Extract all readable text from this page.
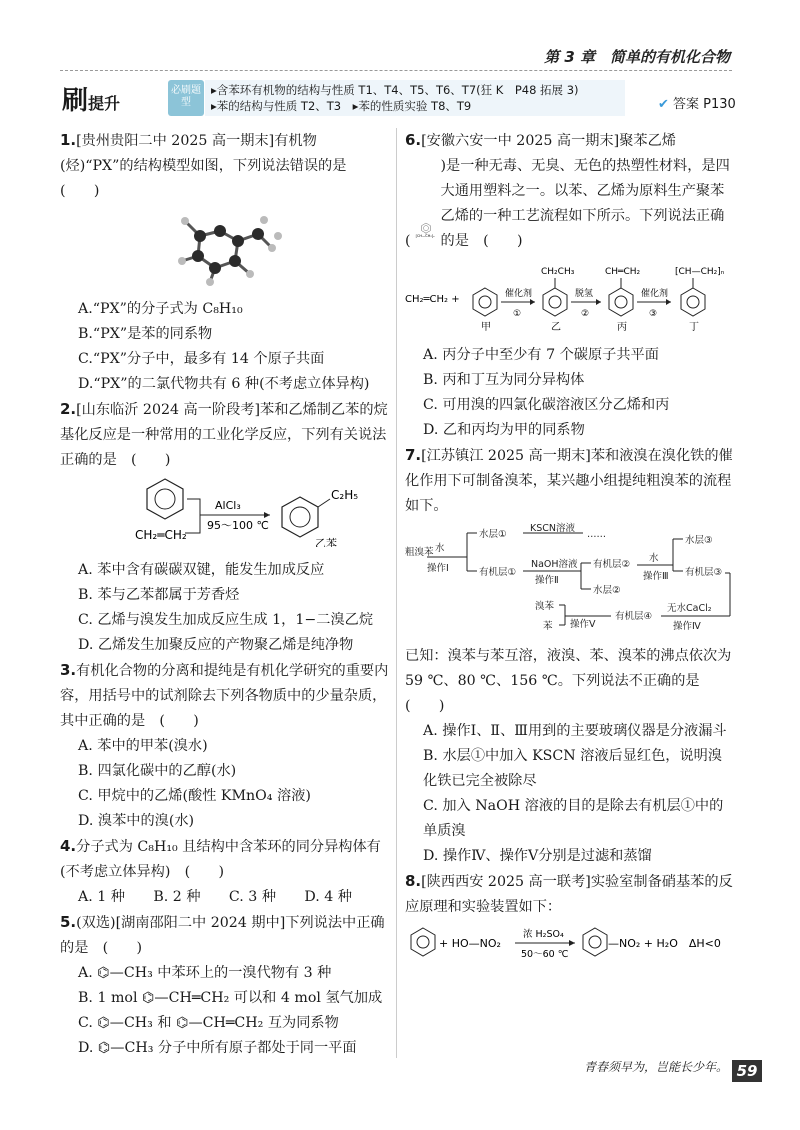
第 3 章　简单的有机化合物
刷提升
必刷题型
▸含苯环有机物的结构与性质 T1、T4、T5、T6、T7(狂 K　P48 拓展 3)
▸苯的结构与性质 T2、T3　 ▸苯的性质实验 T8、T9	✔ 答案 P130
1.[贵州贵阳二中 2025 高一期末]有机物(烃)“PX”的结构模型如图，下列说法错误的是　(　　)
A.“PX”的分子式为 C₈H₁₀
B.“PX”是苯的同系物
C.“PX”分子中，最多有 14 个原子共面
D.“PX”的二氯代物共有 6 种(不考虑立体异构)
2.[山东临沂 2024 高一阶段考]苯和乙烯制乙苯的烷基化反应是一种常用的工业化学反应，下列有关说法正确的是　(　　)
CH₂═CH₂
AlCl₃
95～100 ℃
C₂H₅
乙苯
A. 苯中含有碳碳双键，能发生加成反应
B. 苯与乙苯都属于芳香烃
C. 乙烯与溴发生加成反应生成 1，1−二溴乙烷
D. 乙烯发生加聚反应的产物聚乙烯是纯净物
3.有机化合物的分离和提纯是有机化学研究的重要内容，用括号中的试剂除去下列各物质中的少量杂质，其中正确的是　(　　)
A. 苯中的甲苯(溴水)
B. 四氯化碳中的乙醇(水)
C. 甲烷中的乙烯(酸性 KMnO₄ 溶液)
D. 溴苯中的溴(水)
4.分子式为 C₈H₁₀ 且结构中含苯环的同分异构体有(不考虑立体异构)　(　　)
A. 1 种　　B. 2 种　　C. 3 种　　D. 4 种
5.(双选)[湖南邵阳二中 2024 期中]下列说法中正确的是　(　　)
A. ⌬—CH₃ 中苯环上的一溴代物有 3 种
B. 1 mol ⌬—CH═CH₂ 可以和 4 mol 氢气加成
C. ⌬—CH₃ 和 ⌬—CH═CH₂ 互为同系物
D. ⌬—CH₃ 分子中所有原子都处于同一平面
6.[安徽六安一中 2025 高一期末]聚苯乙烯
( [CH—CH₂]ₙ
)是一种无毒、无臭、无色的热塑性材料，是四大通用塑料之一。以苯、乙烯为原料生产聚苯乙烯的一种工艺流程如下所示。下列说法正确的是　(　　)
CH₂═CH₂ +
甲
催化剂
①
CH₂CH₃
乙
脱氢
②
CH═CH₂
丙
催化剂
③
[CH—CH₂]ₙ
丁
A. 丙分子中至少有 7 个碳原子共平面
B. 丙和丁互为同分异构体
C. 可用溴的四氯化碳溶液区分乙烯和丙
D. 乙和丙均为甲的同系物
7.[江苏镇江 2025 高一期末]苯和液溴在溴化铁的催化作用下可制备溴苯，某兴趣小组提纯粗溴苯的流程如下。
粗溴苯 水
操作Ⅰ
水层①
KSCN溶液
……
有机层①
NaOH溶液
操作Ⅱ
有机层②
水层②
水
操作Ⅲ
水层③
有机层③
无水CaCl₂
操作Ⅳ
有机层④
操作Ⅴ
溴苯
苯
已知：溴苯与苯互溶，液溴、苯、溴苯的沸点依次为 59 ℃、80 ℃、156 ℃。下列说法不正确的是　(　　)
A. 操作Ⅰ、Ⅱ、Ⅲ用到的主要玻璃仪器是分液漏斗
B. 水层①中加入 KSCN 溶液后显红色，说明溴化铁已完全被除尽
C. 加入 NaOH 溶液的目的是除去有机层①中的单质溴
D. 操作Ⅳ、操作Ⅴ分别是过滤和蒸馏
8.[陕西西安 2025 高一联考]实验室制备硝基苯的反应原理和实验装置如下：
+ HO—NO₂
浓 H₂SO₄
50～60 ℃
—NO₂ + H₂O　ΔH<0
青春须早为，岂能长少年。 59
